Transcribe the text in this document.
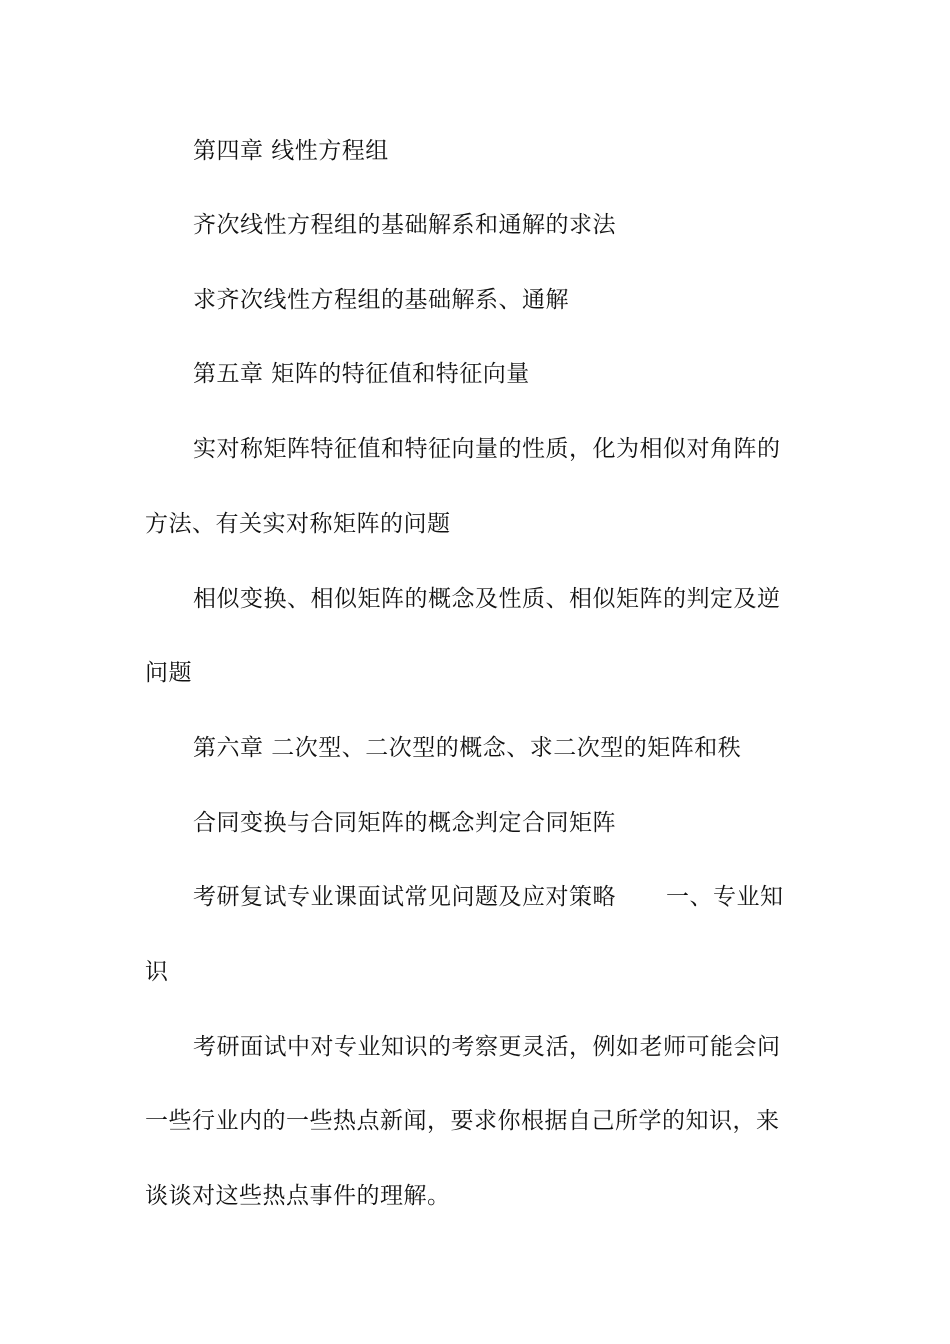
第四章 线性方程组
齐次线性方程组的基础解系和通解的求法
求齐次线性方程组的基础解系、通解
第五章 矩阵的特征值和特征向量
实对称矩阵特征值和特征向量的性质，化为相似对角阵的
方法、有关实对称矩阵的问题
相似变换、相似矩阵的概念及性质、相似矩阵的判定及逆
问题
第六章 二次型、二次型的概念、求二次型的矩阵和秩
合同变换与合同矩阵的概念判定合同矩阵
考研复试专业课面试常见问题及应对策略 一、专业知
识
考研面试中对专业知识的考察更灵活，例如老师可能会问
一些行业内的一些热点新闻，要求你根据自己所学的知识，来
谈谈对这些热点事件的理解。
